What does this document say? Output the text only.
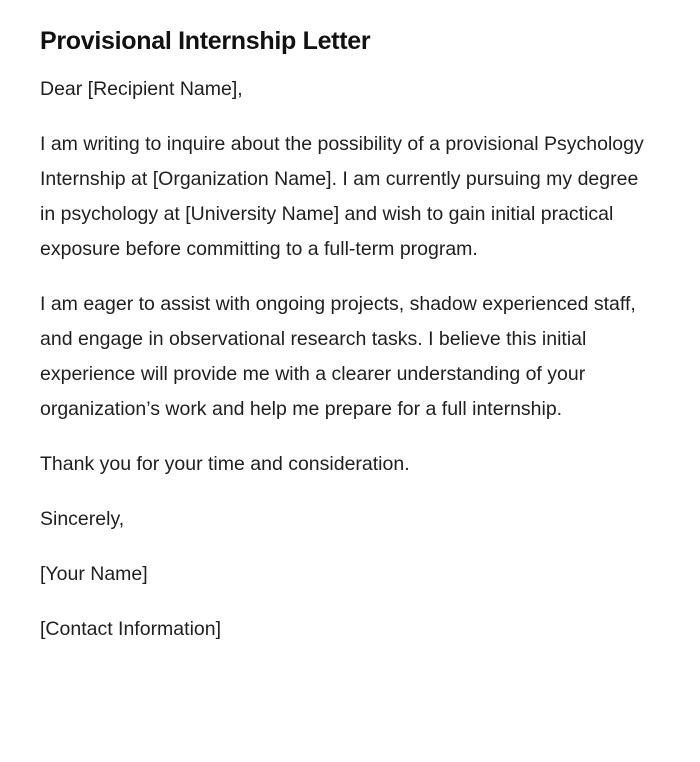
Provisional Internship Letter

Dear [Recipient Name],

I am writing to inquire about the possibility of a provisional Psychology Internship at [Organization Name]. I am currently pursuing my degree in psychology at [University Name] and wish to gain initial practical exposure before committing to a full-term program.

I am eager to assist with ongoing projects, shadow experienced staff, and engage in observational research tasks. I believe this initial experience will provide me with a clearer understanding of your organization’s work and help me prepare for a full internship.

Thank you for your time and consideration.

Sincerely,

[Your Name]

[Contact Information]
